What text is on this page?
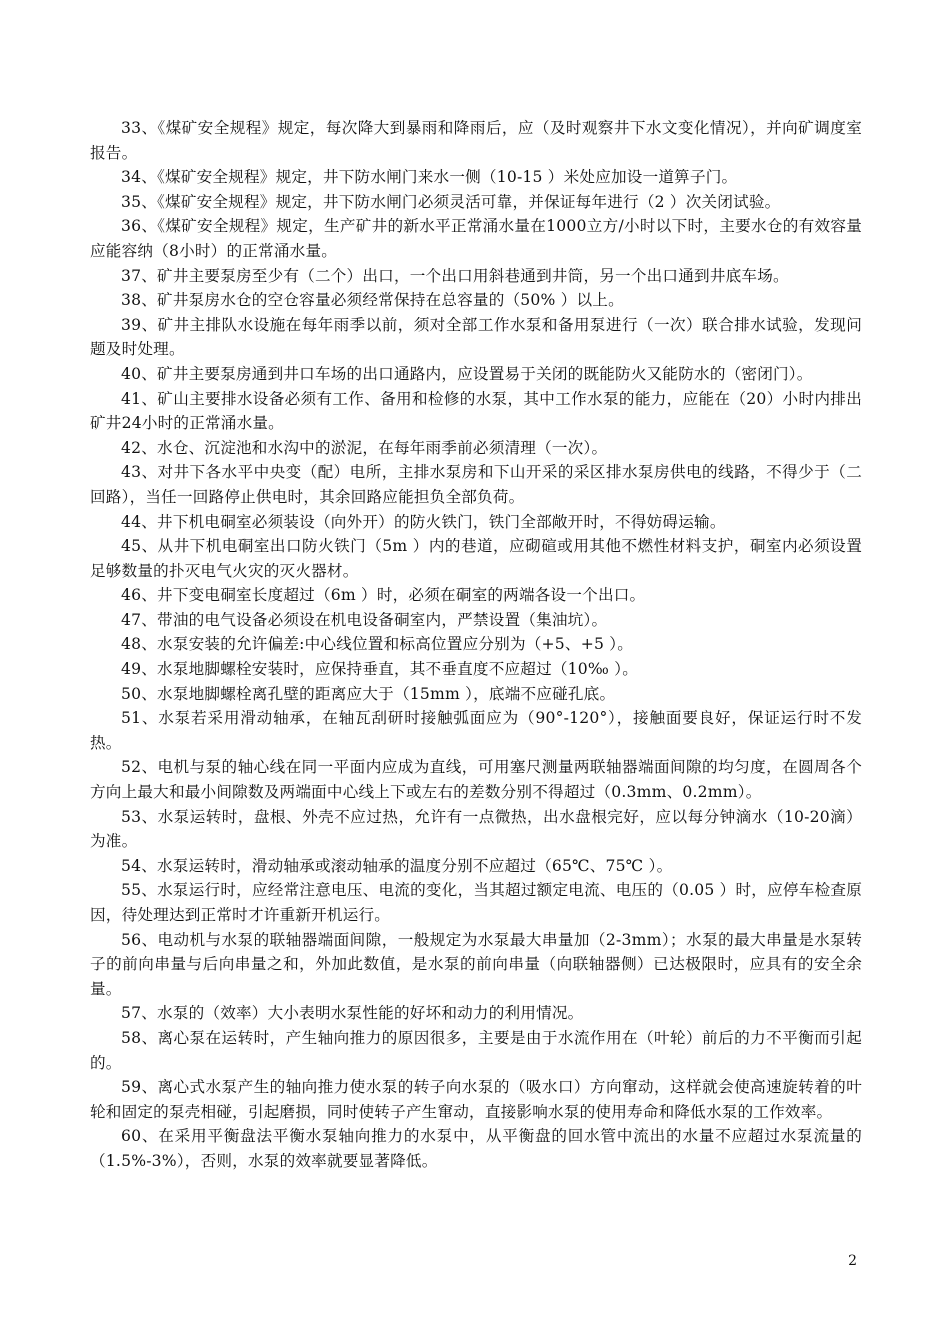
33、《煤矿安全规程》规定，每次降大到暴雨和降雨后，应（及时观察井下水文变化情况），并向矿调度室报告。

34、《煤矿安全规程》规定，井下防水闸门来水一侧（10-15 ）米处应加设一道箅子门。

35、《煤矿安全规程》规定，井下防水闸门必须灵活可靠，并保证每年进行（2 ）次关闭试验。

36、《煤矿安全规程》规定，生产矿井的新水平正常涌水量在1000立方/小时以下时，主要水仓的有效容量应能容纳（8小时）的正常涌水量。

37、矿井主要泵房至少有（二个）出口，一个出口用斜巷通到井筒，另一个出口通到井底车场。

38、矿井泵房水仓的空仓容量必须经常保持在总容量的（50% ）以上。

39、矿井主排队水设施在每年雨季以前，须对全部工作水泵和备用泵进行（一次）联合排水试验，发现问题及时处理。

40、矿井主要泵房通到井口车场的出口通路内，应设置易于关闭的既能防火又能防水的（密闭门）。

41、矿山主要排水设备必须有工作、备用和检修的水泵，其中工作水泵的能力，应能在（20）小时内排出矿井24小时的正常涌水量。

42、水仓、沉淀池和水沟中的淤泥，在每年雨季前必须清理（一次）。

43、对井下各水平中央变（配）电所，主排水泵房和下山开采的采区排水泵房供电的线路，不得少于（二回路），当任一回路停止供电时，其余回路应能担负全部负荷。

44、井下机电硐室必须装设（向外开）的防火铁门，铁门全部敞开时，不得妨碍运输。

45、从井下机电硐室出口防火铁门（5m ）内的巷道，应砌碹或用其他不燃性材料支护，硐室内必须设置足够数量的扑灭电气火灾的灭火器材。

46、井下变电硐室长度超过（6m ）时，必须在硐室的两端各设一个出口。

47、带油的电气设备必须设在机电设备硐室内，严禁设置（集油坑）。

48、水泵安装的允许偏差:中心线位置和标高位置应分别为（+5、+5 ）。

49、水泵地脚螺栓安装时，应保持垂直，其不垂直度不应超过（10‰ ）。

50、水泵地脚螺栓离孔壁的距离应大于（15mm ），底端不应碰孔底。

51、水泵若采用滑动轴承，在轴瓦刮研时接触弧面应为（90°-120°），接触面要良好，保证运行时不发热。

52、电机与泵的轴心线在同一平面内应成为直线，可用塞尺测量两联轴器端面间隙的均匀度，在圆周各个方向上最大和最小间隙数及两端面中心线上下或左右的差数分别不得超过（0.3mm、0.2mm）。

53、水泵运转时，盘根、外壳不应过热，允许有一点微热，出水盘根完好，应以每分钟滴水（10-20滴）为准。

54、水泵运转时，滑动轴承或滚动轴承的温度分别不应超过（65℃、75℃ ）。

55、水泵运行时，应经常注意电压、电流的变化，当其超过额定电流、电压的（0.05 ）时，应停车检查原因，待处理达到正常时才许重新开机运行。

56、电动机与水泵的联轴器端面间隙，一般规定为水泵最大串量加（2-3mm）；水泵的最大串量是水泵转子的前向串量与后向串量之和，外加此数值，是水泵的前向串量（向联轴器侧）已达极限时，应具有的安全余量。

57、水泵的（效率）大小表明水泵性能的好坏和动力的利用情况。

58、离心泵在运转时，产生轴向推力的原因很多，主要是由于水流作用在（叶轮）前后的力不平衡而引起的。

59、离心式水泵产生的轴向推力使水泵的转子向水泵的（吸水口）方向窜动，这样就会使高速旋转着的叶轮和固定的泵壳相碰，引起磨损，同时使转子产生窜动，直接影响水泵的使用寿命和降低水泵的工作效率。

60、在采用平衡盘法平衡水泵轴向推力的水泵中，从平衡盘的回水管中流出的水量不应超过水泵流量的（1.5%-3%），否则，水泵的效率就要显著降低。

2
